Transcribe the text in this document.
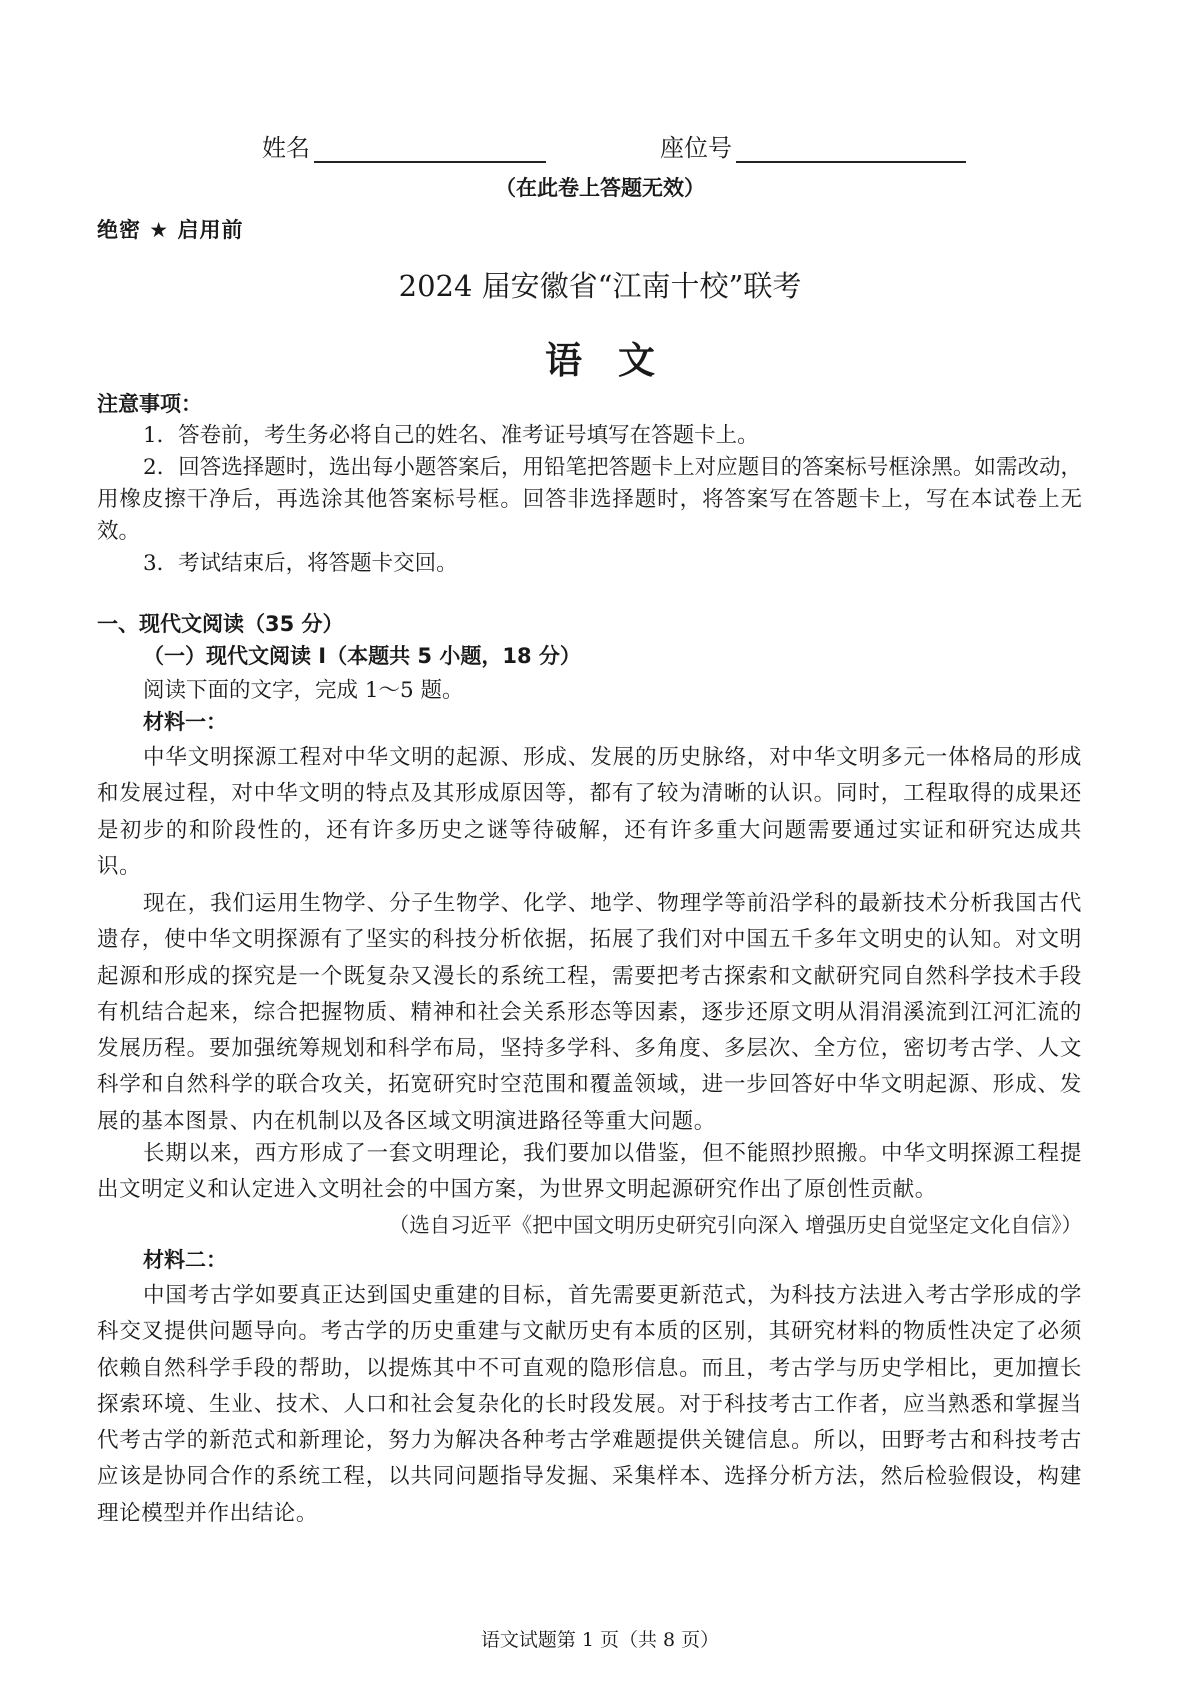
姓名	座位号
（在此卷上答题无效）
绝密 ★ 启用前
2024 届安徽省“江南十校”联考
语文
注意事项：
1．答卷前，考生务必将自己的姓名、准考证号填写在答题卡上。
2．回答选择题时，选出每小题答案后，用铅笔把答题卡上对应题目的答案标号框涂黑。如需改动，用橡皮擦干净后，再选涂其他答案标号框。回答非选择题时，将答案写在答题卡上，写在本试卷上无效。
3．考试结束后，将答题卡交回。
一、现代文阅读（35 分）
（一）现代文阅读 I（本题共 5 小题，18 分）
阅读下面的文字，完成 1～5 题。
材料一：
中华文明探源工程对中华文明的起源、形成、发展的历史脉络，对中华文明多元一体格局的形成和发展过程，对中华文明的特点及其形成原因等，都有了较为清晰的认识。同时，工程取得的成果还是初步的和阶段性的，还有许多历史之谜等待破解，还有许多重大问题需要通过实证和研究达成共识。
现在，我们运用生物学、分子生物学、化学、地学、物理学等前沿学科的最新技术分析我国古代遗存，使中华文明探源有了坚实的科技分析依据，拓展了我们对中国五千多年文明史的认知。对文明起源和形成的探究是一个既复杂又漫长的系统工程，需要把考古探索和文献研究同自然科学技术手段有机结合起来，综合把握物质、精神和社会关系形态等因素，逐步还原文明从涓涓溪流到江河汇流的发展历程。要加强统筹规划和科学布局，坚持多学科、多角度、多层次、全方位，密切考古学、人文科学和自然科学的联合攻关，拓宽研究时空范围和覆盖领域，进一步回答好中华文明起源、形成、发展的基本图景、内在机制以及各区域文明演进路径等重大问题。
长期以来，西方形成了一套文明理论，我们要加以借鉴，但不能照抄照搬。中华文明探源工程提出文明定义和认定进入文明社会的中国方案，为世界文明起源研究作出了原创性贡献。
（选自习近平《把中国文明历史研究引向深入 增强历史自觉坚定文化自信》）
材料二：
中国考古学如要真正达到国史重建的目标，首先需要更新范式，为科技方法进入考古学形成的学科交叉提供问题导向。考古学的历史重建与文献历史有本质的区别，其研究材料的物质性决定了必须依赖自然科学手段的帮助，以提炼其中不可直观的隐形信息。而且，考古学与历史学相比，更加擅长探索环境、生业、技术、人口和社会复杂化的长时段发展。对于科技考古工作者，应当熟悉和掌握当代考古学的新范式和新理论，努力为解决各种考古学难题提供关键信息。所以，田野考古和科技考古应该是协同合作的系统工程，以共同问题指导发掘、采集样本、选择分析方法，然后检验假设，构建理论模型并作出结论。
语文试题第 1 页（共 8 页）
